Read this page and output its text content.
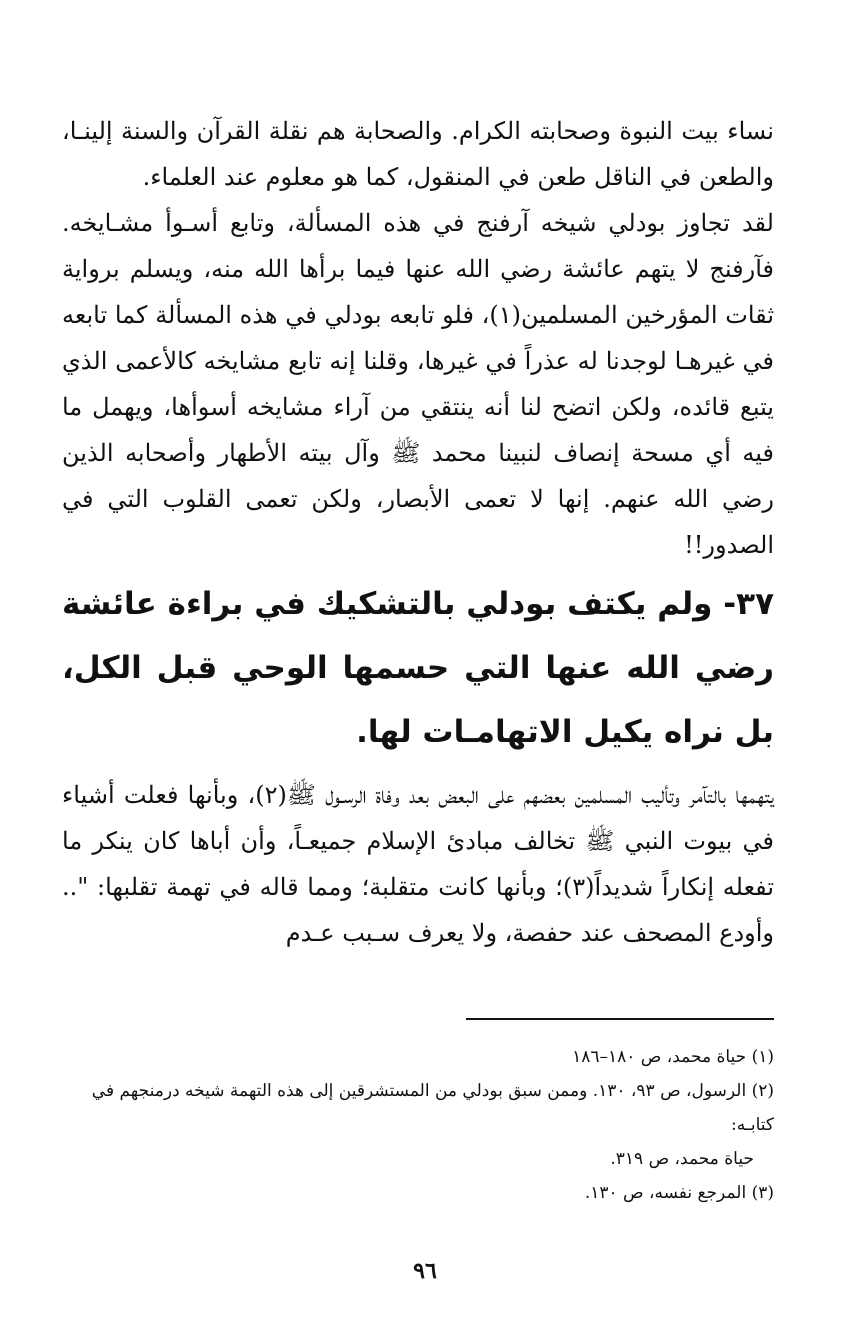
نساء بيت النبوة وصحابته الكرام. والصحابة هم نقلة القرآن والسنة إلينـا، والطعن في الناقل طعن في المنقول، كما هو معلوم عند العلماء.

لقد تجاوز بودلي شيخه آرفنج في هذه المسألة، وتابع أسـوأ مشـايخه. فآرفنج لا يتهم عائشة رضي الله عنها فيما برأها الله منه، ويسلم برواية ثقات المؤرخين المسلمين(١)، فلو تابعه بودلي في هذه المسألة كما تابعه في غيرهـا لوجدنا له عذراً في غيرها، وقلنا إنه تابع مشايخه كالأعمى الذي يتبع قائده، ولكن اتضح لنا أنه ينتقي من آراء مشايخه أسوأها، ويهمل ما فيه أي مسحة إنصاف لنبينا محمد ﷺ وآل بيته الأطهار وأصحابه الذين رضي الله عنهم. إنها لا تعمى الأبصار، ولكن تعمى القلوب التي في الصدور!!

٣٧- ولم يكتف بودلي بالتشكيك في براءة عائشة رضي الله عنها التي حسمها الوحي قبل الكل، بل نراه يكيل الاتهامـات لها.

يتهمها بالتآمر وتأليب المسلمين بعضهم على البعض بعد وفاة الرسـول ﷺ(٢)، وبأنها فعلت أشياء في بيوت النبي ﷺ تخالف مبادئ الإسلام جميعـاً، وأن أباها كان ينكر ما تفعله إنكاراً شديداً(٣)؛ وبأنها كانت متقلبة؛ ومما قاله في تهمة تقلبها: ".. وأودع المصحف عند حفصة، ولا يعرف سـبب عـدم

(١) حياة محمد، ص ١٨٠–١٨٦

(٢) الرسول، ص ٩٣، ١٣٠. وممن سبق بودلي من المستشرقين إلى هذه التهمة شيخه درمنجهم في كتابـه:

حياة محمد، ص ٣١٩.

(٣) المرجع نفسه، ص ١٣٠.

٩٦
